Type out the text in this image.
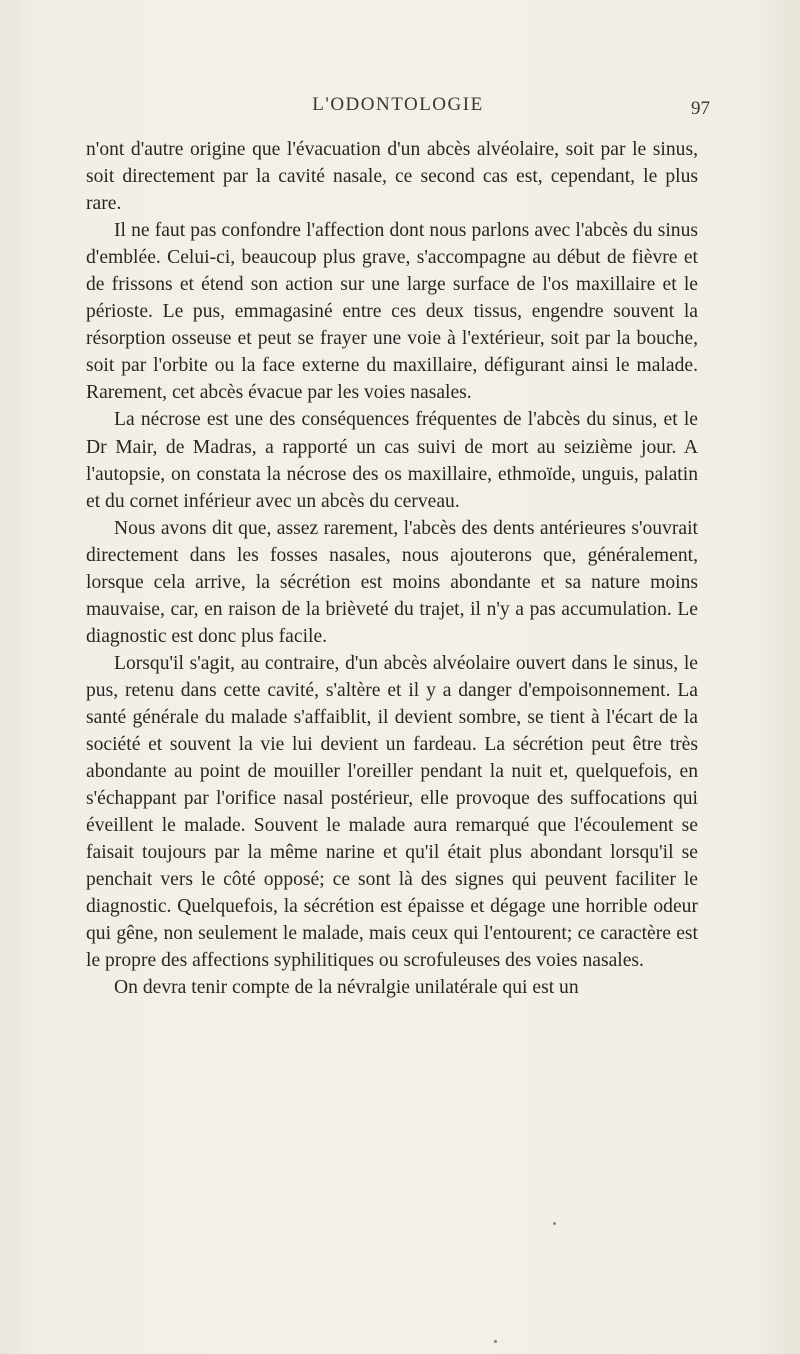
L'ODONTOLOGIE	97

n'ont d'autre origine que l'évacuation d'un abcès alvéolaire, soit par le sinus, soit directement par la cavité nasale, ce second cas est, cependant, le plus rare.

Il ne faut pas confondre l'affection dont nous parlons avec l'abcès du sinus d'emblée. Celui-ci, beaucoup plus grave, s'accompagne au début de fièvre et de frissons et étend son action sur une large surface de l'os maxillaire et le périoste. Le pus, emmagasiné entre ces deux tissus, engendre souvent la résorption osseuse et peut se frayer une voie à l'extérieur, soit par la bouche, soit par l'orbite ou la face externe du maxillaire, défigurant ainsi le malade. Rarement, cet abcès évacue par les voies nasales.

La nécrose est une des conséquences fréquentes de l'abcès du sinus, et le Dr Mair, de Madras, a rapporté un cas suivi de mort au seizième jour. A l'autopsie, on constata la nécrose des os maxillaire, ethmoïde, unguis, palatin et du cornet inférieur avec un abcès du cerveau.

Nous avons dit que, assez rarement, l'abcès des dents antérieures s'ouvrait directement dans les fosses nasales, nous ajouterons que, généralement, lorsque cela arrive, la sécrétion est moins abondante et sa nature moins mauvaise, car, en raison de la brièveté du trajet, il n'y a pas accumulation. Le diagnostic est donc plus facile.

Lorsqu'il s'agit, au contraire, d'un abcès alvéolaire ouvert dans le sinus, le pus, retenu dans cette cavité, s'altère et il y a danger d'empoisonnement. La santé générale du malade s'affaiblit, il devient sombre, se tient à l'écart de la société et souvent la vie lui devient un fardeau. La sécrétion peut être très abondante au point de mouiller l'oreiller pendant la nuit et, quelquefois, en s'échappant par l'orifice nasal postérieur, elle provoque des suffocations qui éveillent le malade. Souvent le malade aura remarqué que l'écoulement se faisait toujours par la même narine et qu'il était plus abondant lorsqu'il se penchait vers le côté opposé; ce sont là des signes qui peuvent faciliter le diagnostic. Quelquefois, la sécrétion est épaisse et dégage une horrible odeur qui gêne, non seulement le malade, mais ceux qui l'entourent; ce caractère est le propre des affections syphilitiques ou scrofuleuses des voies nasales.

On devra tenir compte de la névralgie unilatérale qui est un
